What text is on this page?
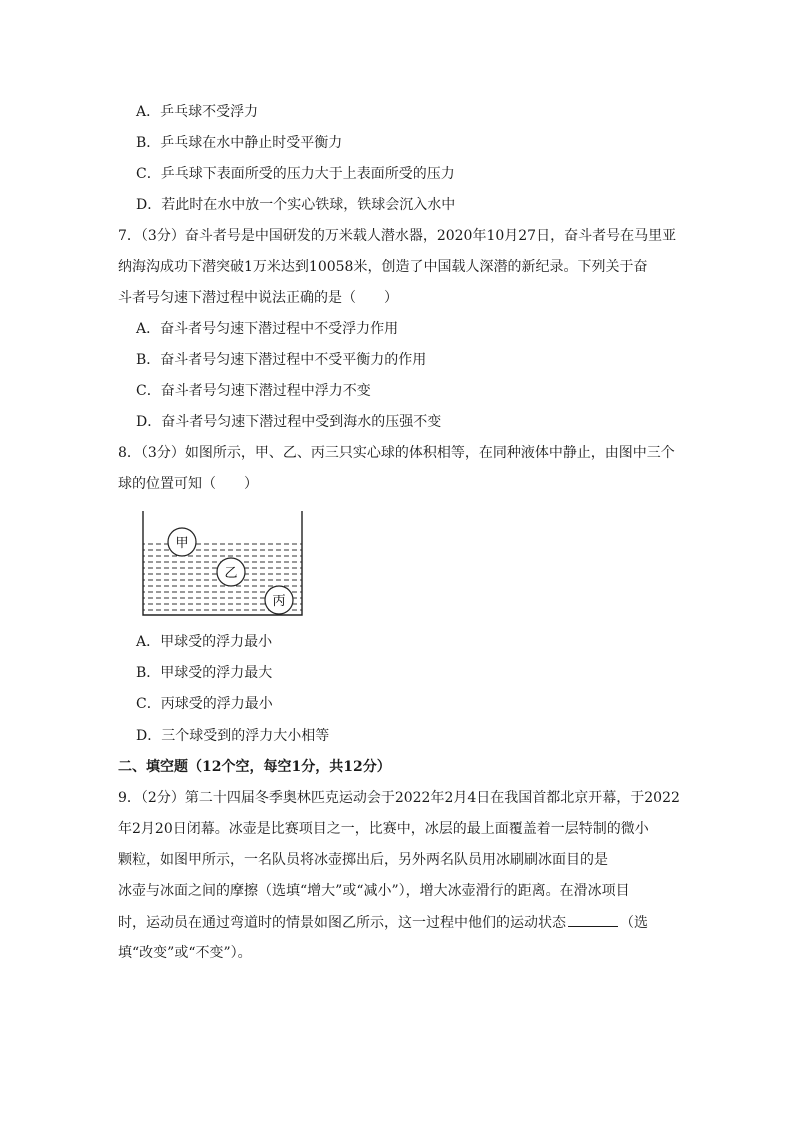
A．乒乓球不受浮力
B．乒乓球在水中静止时受平衡力
C．乒乓球下表面所受的压力大于上表面所受的压力
D．若此时在水中放一个实心铁球，铁球会沉入水中
7．（3分）奋斗者号是中国研发的万米载人潜水器，2020年10月27日，奋斗者号在马里亚
纳海沟成功下潜突破1万米达到10058米，创造了中国载人深潜的新纪录。下列关于奋
斗者号匀速下潜过程中说法正确的是（　　）
A．奋斗者号匀速下潜过程中不受浮力作用
B．奋斗者号匀速下潜过程中不受平衡力的作用
C．奋斗者号匀速下潜过程中浮力不变
D．奋斗者号匀速下潜过程中受到海水的压强不变
8．（3分）如图所示，甲、乙、丙三只实心球的体积相等，在同种液体中静止，由图中三个
球的位置可知（　　）
甲
乙
丙
A．甲球受的浮力最小
B．甲球受的浮力最大
C．丙球受的浮力最小
D．三个球受到的浮力大小相等
二、填空题（12个空，每空1分，共12分）
9．（2分）第二十四届冬季奥林匹克运动会于2022年2月4日在我国首都北京开幕，于2022
年2月20日闭幕。冰壶是比赛项目之一，比赛中，冰层的最上面覆盖着一层特制的微小
颗粒，如图甲所示，一名队员将冰壶掷出后，另外两名队员用冰刷刷冰面目的是
冰壶与冰面之间的摩擦（选填“增大”或“减小”），增大冰壶滑行的距离。在滑冰项目
时，运动员在通过弯道时的情景如图乙所示，这一过程中他们的运动状态	（选
填“改变”或“不变”）。
